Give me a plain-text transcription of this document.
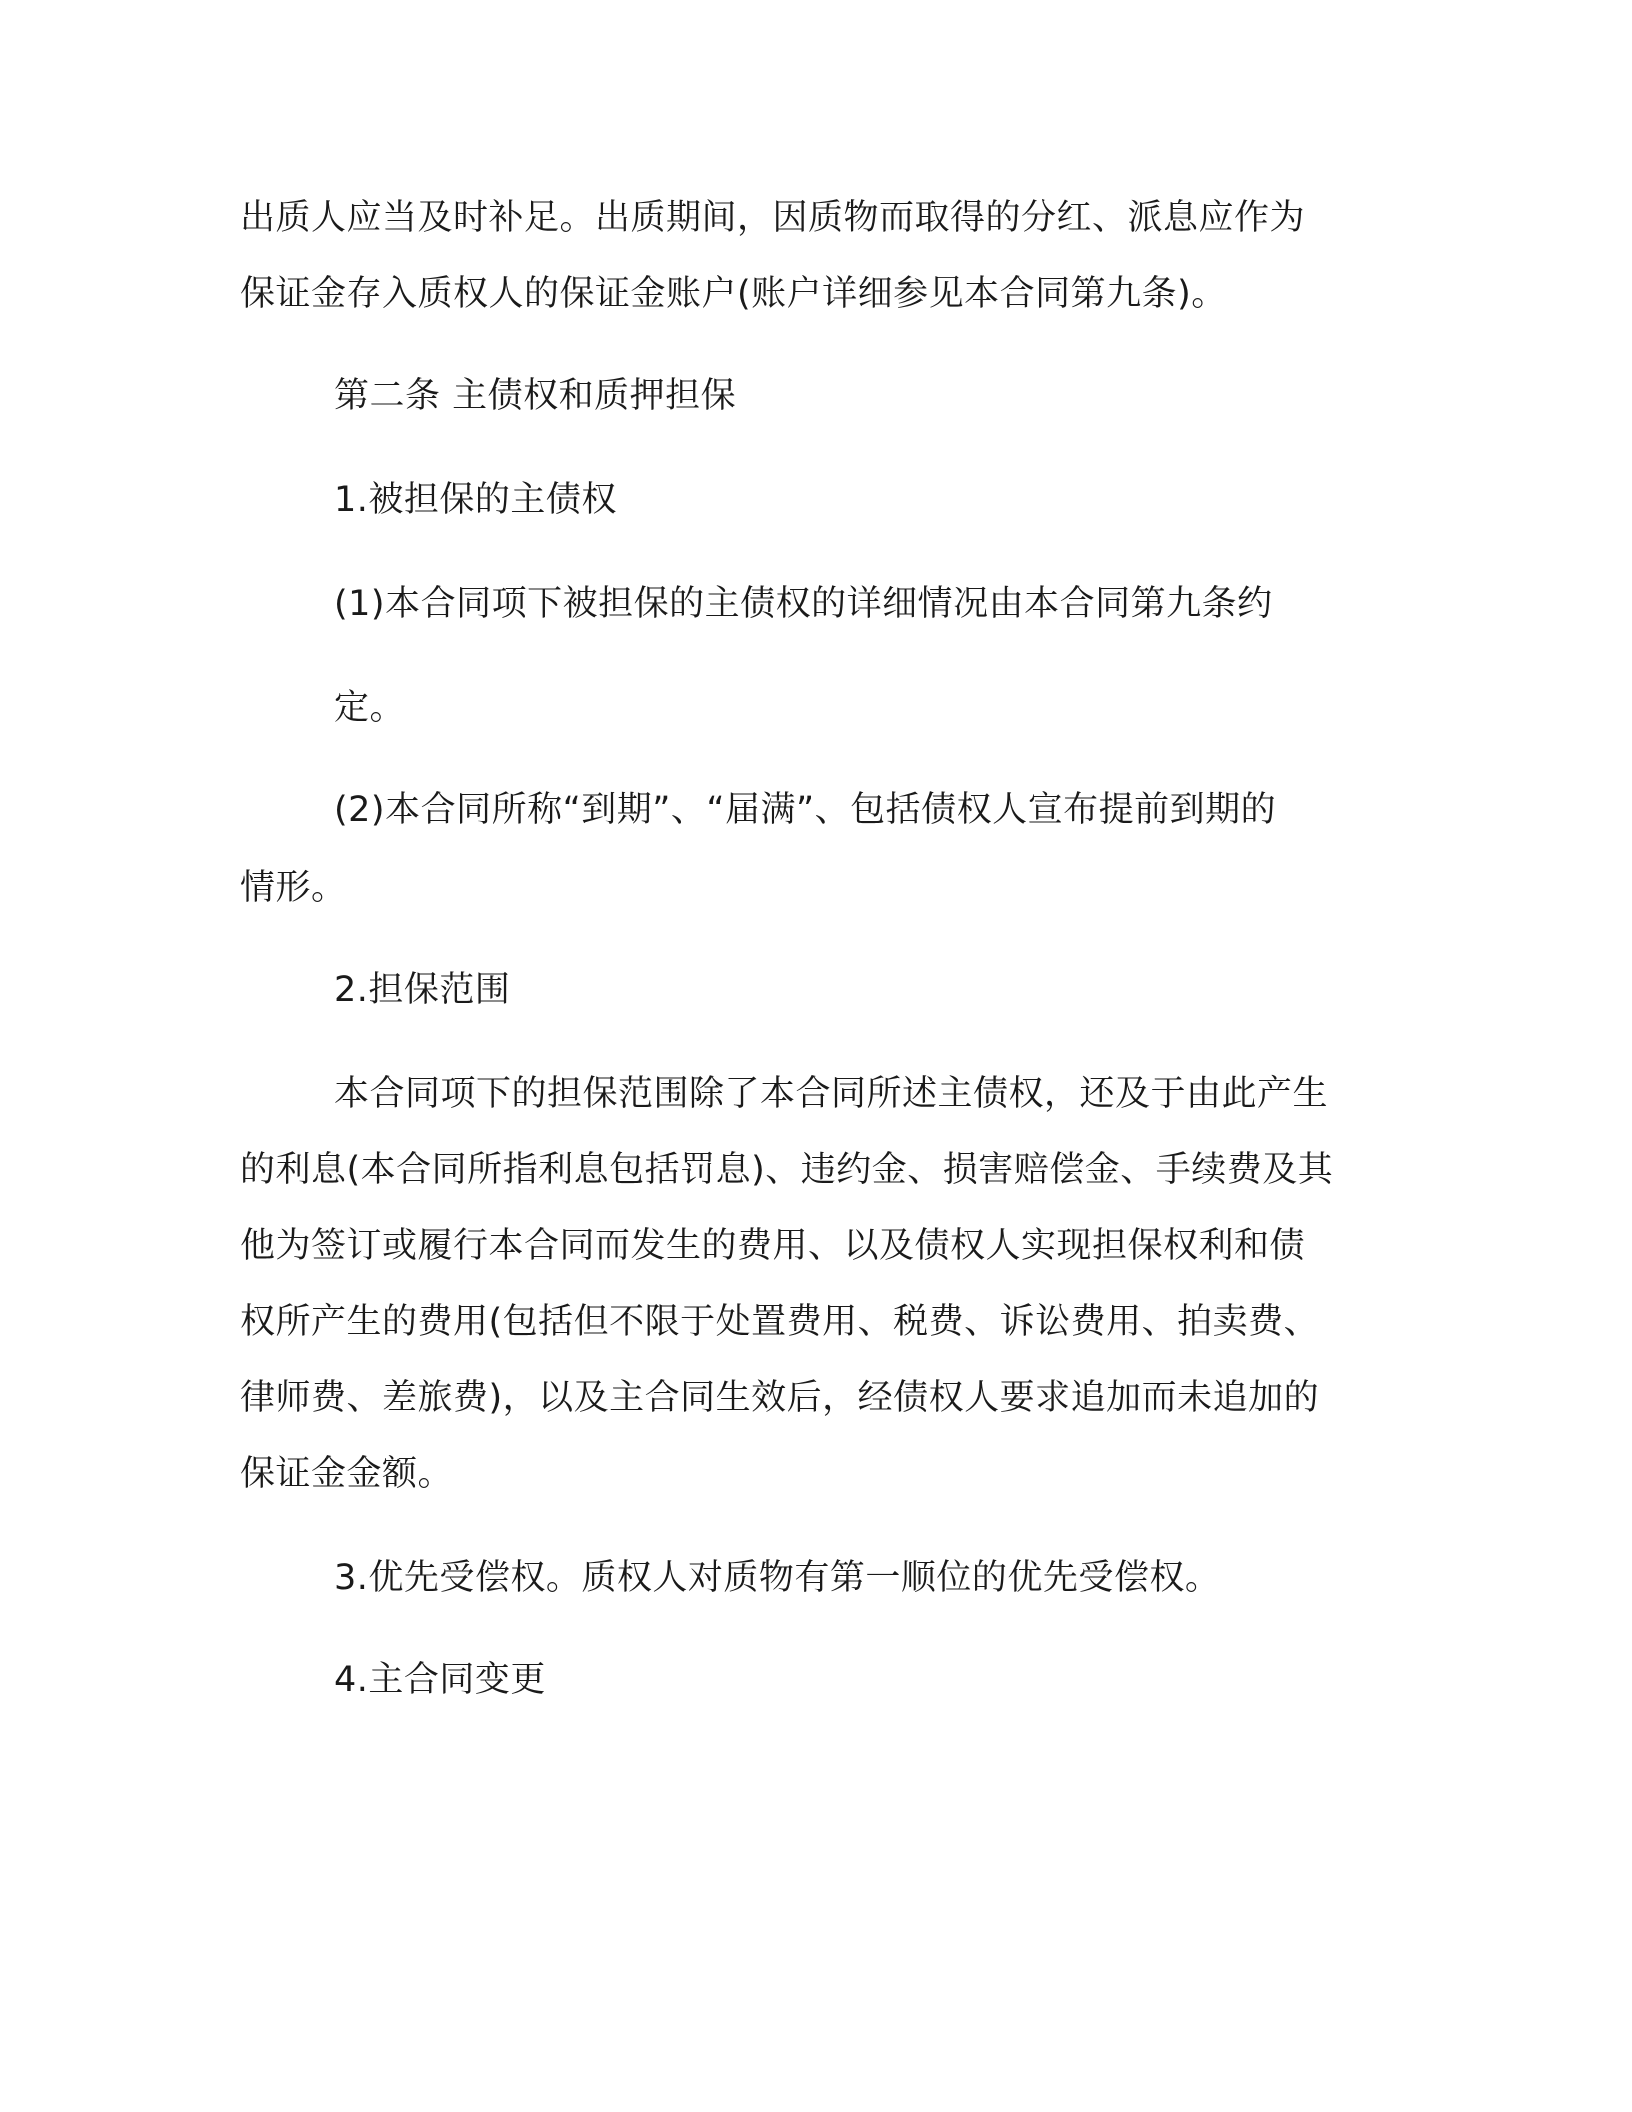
出质人应当及时补足。出质期间，因质物而取得的分红、派息应作为
保证金存入质权人的保证金账户(账户详细参见本合同第九条)。
第二条 主债权和质押担保
1.被担保的主债权
(1)本合同项下被担保的主债权的详细情况由本合同第九条约
定。
(2)本合同所称“到期”、“届满”、包括债权人宣布提前到期的
情形。
2.担保范围
本合同项下的担保范围除了本合同所述主债权，还及于由此产生
的利息(本合同所指利息包括罚息)、违约金、损害赔偿金、手续费及其
他为签订或履行本合同而发生的费用、以及债权人实现担保权利和债
权所产生的费用(包括但不限于处置费用、税费、诉讼费用、拍卖费、
律师费、差旅费)，以及主合同生效后，经债权人要求追加而未追加的
保证金金额。
3.优先受偿权。质权人对质物有第一顺位的优先受偿权。
4.主合同变更
